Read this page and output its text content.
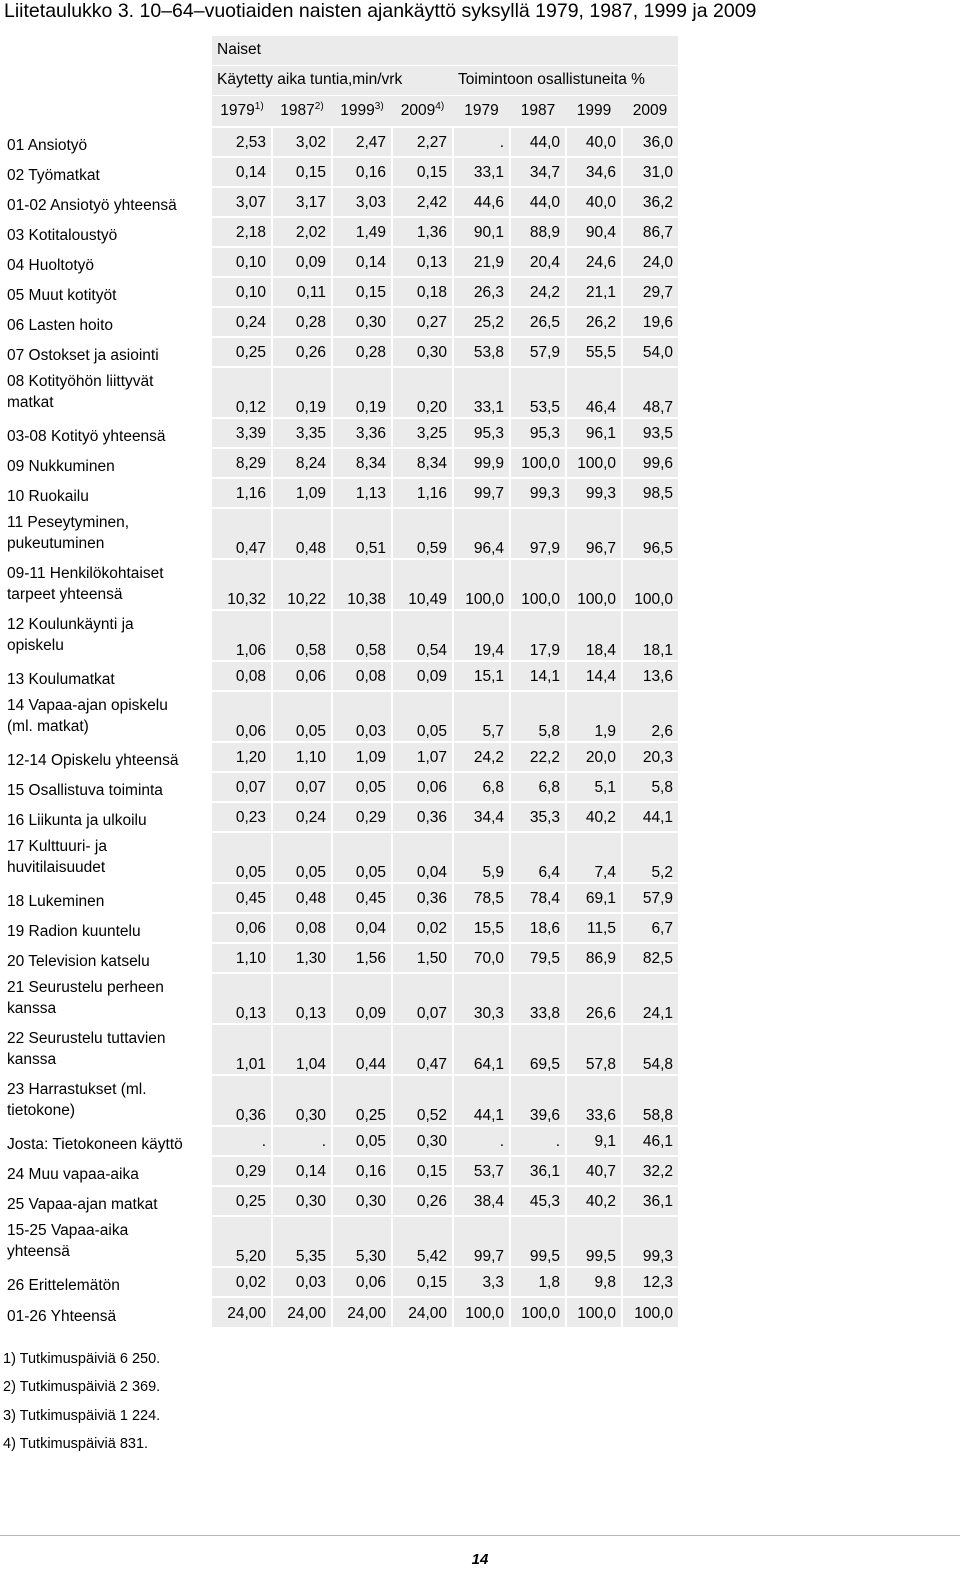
Liitetaulukko 3. 10–64–vuotiaiden naisten ajankäyttö syksyllä 1979, 1987, 1999 ja 2009
	Naiset							
	Käytetty aika tuntia,min/vrk				Toimintoon osallistuneita %			
	1979$^{1)}$	1987$^{2)}$	1999$^{3)}$	2009$^{4)}$	1979	1987	1999	2009

01 Ansiotyö	2,53	3,02	2,47	2,27	.	44,0	40,0	36,0

02 Työmatkat	0,14	0,15	0,16	0,15	33,1	34,7	34,6	31,0

01-02 Ansiotyö yhteensä	3,07	3,17	3,03	2,42	44,6	44,0	40,0	36,2

03 Kotitaloustyö	2,18	2,02	1,49	1,36	90,1	88,9	90,4	86,7

04 Huoltotyö	0,10	0,09	0,14	0,13	21,9	20,4	24,6	24,0

05 Muut kotityöt	0,10	0,11	0,15	0,18	26,3	24,2	21,1	29,7

06 Lasten hoito	0,24	0,28	0,30	0,27	25,2	26,5	26,2	19,6

07 Ostokset ja asiointi	0,25	0,26	0,28	0,30	53,8	57,9	55,5	54,0

08 Kotityöhön liittyvät
matkat	0,12	0,19	0,19	0,20	33,1	53,5	46,4	48,7

03-08 Kotityö yhteensä	3,39	3,35	3,36	3,25	95,3	95,3	96,1	93,5

09 Nukkuminen	8,29	8,24	8,34	8,34	99,9	100,0	100,0	99,6

10 Ruokailu	1,16	1,09	1,13	1,16	99,7	99,3	99,3	98,5

11 Peseytyminen,
pukeutuminen	0,47	0,48	0,51	0,59	96,4	97,9	96,7	96,5

09-11 Henkilökohtaiset
tarpeet yhteensä	10,32	10,22	10,38	10,49	100,0	100,0	100,0	100,0

12 Koulunkäynti ja
opiskelu	1,06	0,58	0,58	0,54	19,4	17,9	18,4	18,1

13 Koulumatkat	0,08	0,06	0,08	0,09	15,1	14,1	14,4	13,6

14 Vapaa-ajan opiskelu
(ml. matkat)	0,06	0,05	0,03	0,05	5,7	5,8	1,9	2,6

12-14 Opiskelu yhteensä	1,20	1,10	1,09	1,07	24,2	22,2	20,0	20,3

15 Osallistuva toiminta	0,07	0,07	0,05	0,06	6,8	6,8	5,1	5,8

16 Liikunta ja ulkoilu	0,23	0,24	0,29	0,36	34,4	35,3	40,2	44,1

17 Kulttuuri- ja
huvitilaisuudet	0,05	0,05	0,05	0,04	5,9	6,4	7,4	5,2

18 Lukeminen	0,45	0,48	0,45	0,36	78,5	78,4	69,1	57,9

19 Radion kuuntelu	0,06	0,08	0,04	0,02	15,5	18,6	11,5	6,7

20 Television katselu	1,10	1,30	1,56	1,50	70,0	79,5	86,9	82,5

21 Seurustelu perheen
kanssa	0,13	0,13	0,09	0,07	30,3	33,8	26,6	24,1

22 Seurustelu tuttavien
kanssa	1,01	1,04	0,44	0,47	64,1	69,5	57,8	54,8

23 Harrastukset (ml.
tietokone)	0,36	0,30	0,25	0,52	44,1	39,6	33,6	58,8

Josta: Tietokoneen käyttö	.	.	0,05	0,30	.	.	9,1	46,1

24 Muu vapaa-aika	0,29	0,14	0,16	0,15	53,7	36,1	40,7	32,2

25 Vapaa-ajan matkat	0,25	0,30	0,30	0,26	38,4	45,3	40,2	36,1

15-25 Vapaa-aika
yhteensä	5,20	5,35	5,30	5,42	99,7	99,5	99,5	99,3

26 Erittelemätön	0,02	0,03	0,06	0,15	3,3	1,8	9,8	12,3

01-26 Yhteensä	24,00	24,00	24,00	24,00	100,0	100,0	100,0	100,0
1) Tutkimuspäiviä 6 250.
2) Tutkimuspäiviä 2 369.
3) Tutkimuspäiviä 1 224.
4) Tutkimuspäiviä 831.
14
